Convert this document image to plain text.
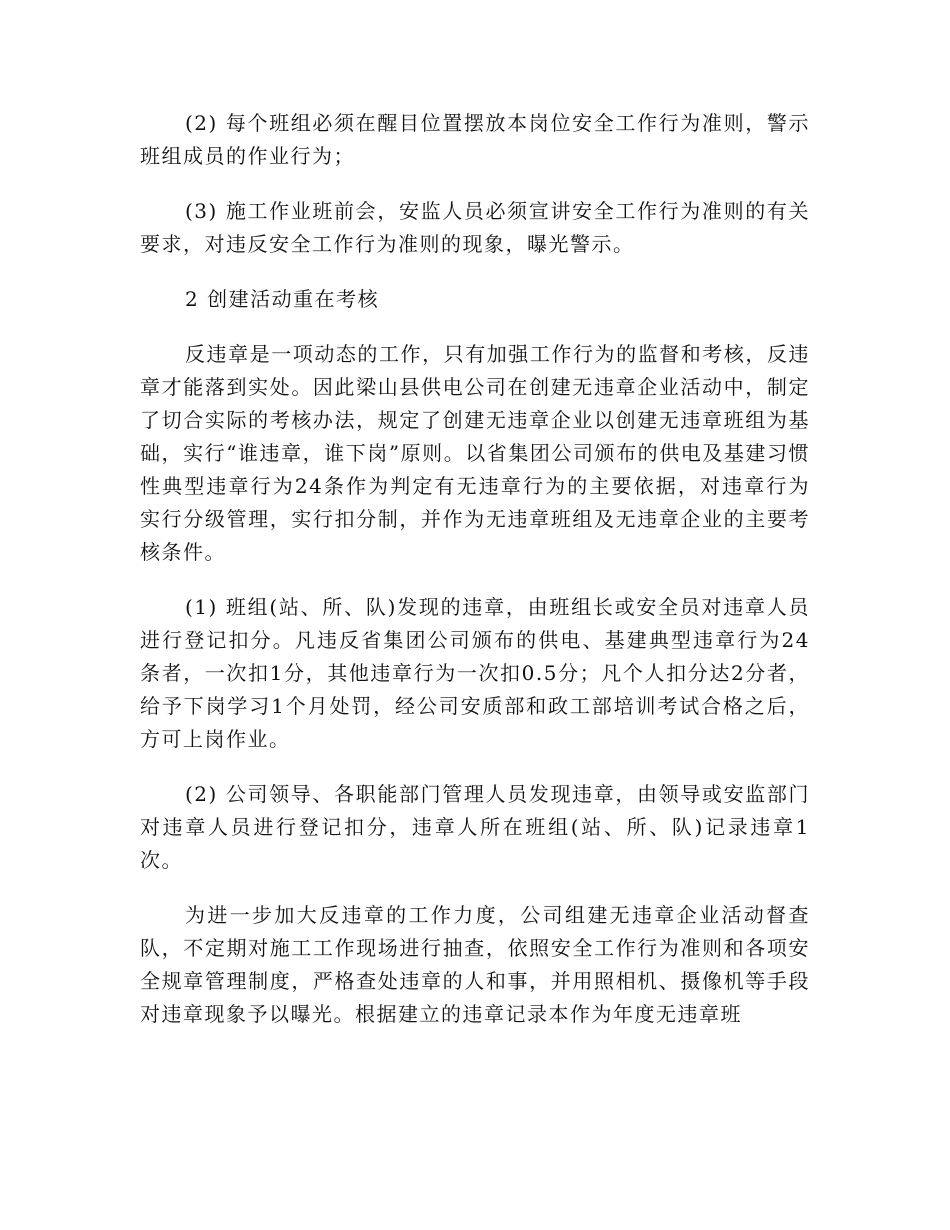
(2) 每个班组必须在醒目位置摆放本岗位安全工作行为准则，警示班组成员的作业行为；

(3) 施工作业班前会，安监人员必须宣讲安全工作行为准则的有关要求，对违反安全工作行为准则的现象，曝光警示。

2 创建活动重在考核

反违章是一项动态的工作，只有加强工作行为的监督和考核，反违章才能落到实处。因此梁山县供电公司在创建无违章企业活动中，制定了切合实际的考核办法，规定了创建无违章企业以创建无违章班组为基础，实行“谁违章，谁下岗”原则。以省集团公司颁布的供电及基建习惯性典型违章行为24条作为判定有无违章行为的主要依据，对违章行为实行分级管理，实行扣分制，并作为无违章班组及无违章企业的主要考核条件。

(1) 班组(站、所、队)发现的违章，由班组长或安全员对违章人员进行登记扣分。凡违反省集团公司颁布的供电、基建典型违章行为24条者，一次扣1分，其他违章行为一次扣0.5分；凡个人扣分达2分者，给予下岗学习1个月处罚，经公司安质部和政工部培训考试合格之后，方可上岗作业。

(2) 公司领导、各职能部门管理人员发现违章，由领导或安监部门对违章人员进行登记扣分，违章人所在班组(站、所、队)记录违章1次。

为进一步加大反违章的工作力度，公司组建无违章企业活动督查队，不定期对施工工作现场进行抽查，依照安全工作行为准则和各项安全规章管理制度，严格查处违章的人和事，并用照相机、摄像机等手段对违章现象予以曝光。根据建立的违章记录本作为年度无违章班
